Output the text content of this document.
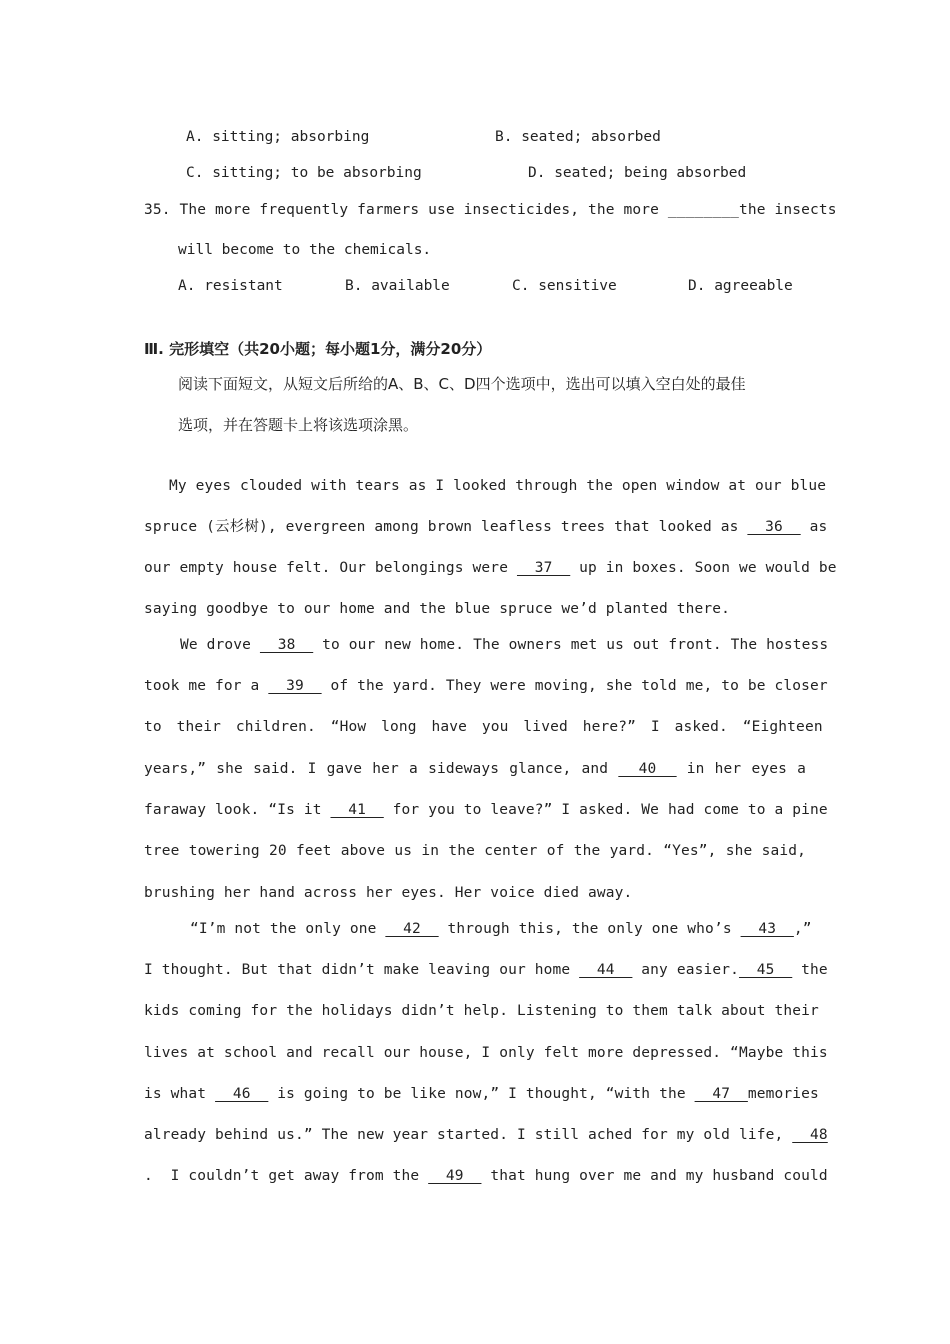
A. sitting; absorbing	B. seated; absorbed
C. sitting; to be absorbing	D. seated; being absorbed
35. The more frequently farmers use insecticides, the more ________the insects
will become to the chemicals.
A. resistant	B. available	C. sensitive	D. agreeable
Ⅲ. 完形填空（共20小题；每小题1分，满分20分）
阅读下面短文，从短文后所给的A、B、C、D四个选项中，选出可以填入空白处的最佳
选项，并在答题卡上将该选项涂黑。
My eyes clouded with tears as I looked through the open window at our blue
spruce (云杉树), evergreen among brown leafless trees that looked as   36   as
our empty house felt. Our belongings were   37   up in boxes. Soon we would be
saying goodbye to our home and the blue spruce we’d planted there.
We drove   38   to our new home. The owners met us out front. The hostess
took me for a   39   of the yard. They were moving, she told me, to be closer
to their children. “How long have you lived here?” I asked. “Eighteen
years,” she said. I gave her a sideways glance, and   40   in her eyes a
faraway look. “Is it   41   for you to leave?” I asked. We had come to a pine
tree towering 20 feet above us in the center of the yard. “Yes”, she said,
brushing her hand across her eyes. Her voice died away.
“I’m not the only one   42   through this, the only one who’s   43  ,”
I thought. But that didn’t make leaving our home   44   any easier.  45   the
kids coming for the holidays didn’t help. Listening to them talk about their
lives at school and recall our house, I only felt more depressed. “Maybe this
is what   46   is going to be like now,” I thought, “with the   47  memories
already behind us.” The new year started. I still ached for my old life,   48
.  I couldn’t get away from the   49   that hung over me and my husband could
